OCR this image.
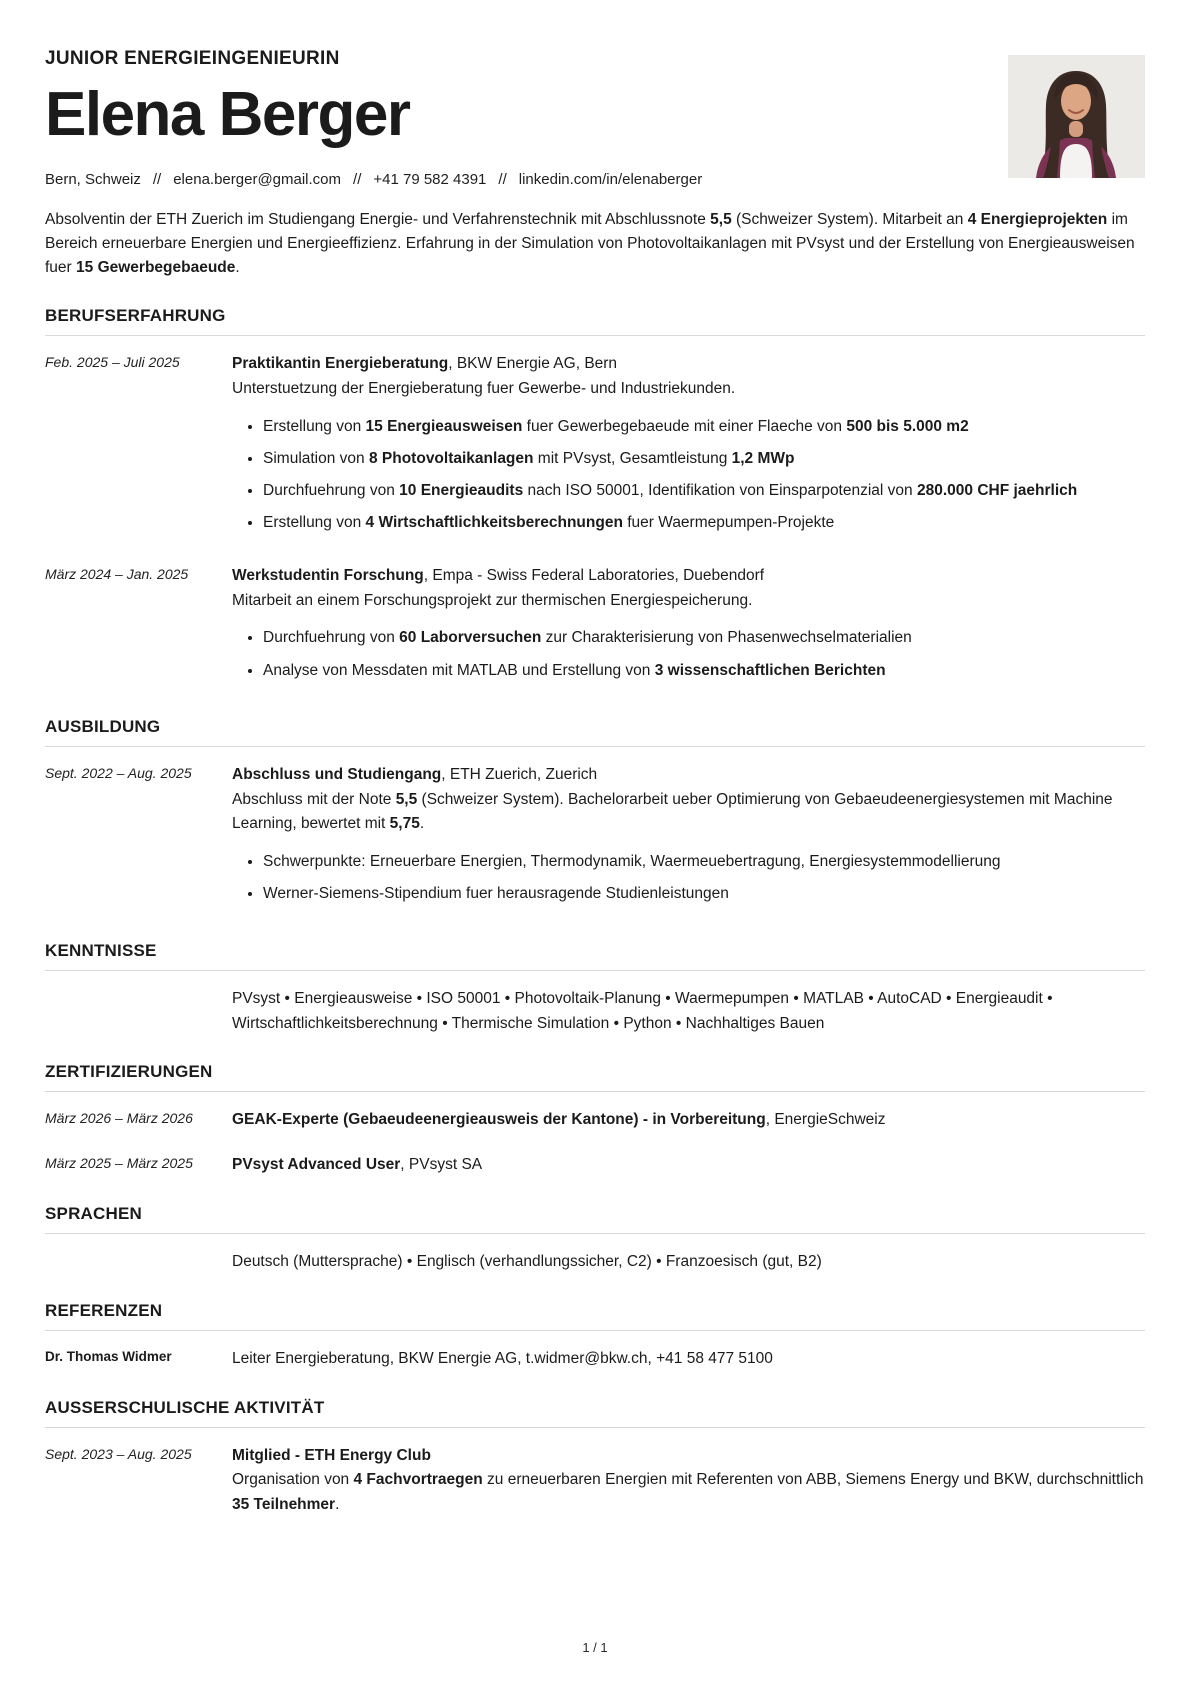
JUNIOR ENERGIEINGENIEURIN
Elena Berger
Bern, Schweiz // elena.berger@gmail.com // +41 79 582 4391 // linkedin.com/in/elenaberger

Absolventin der ETH Zuerich im Studiengang Energie- und Verfahrenstechnik mit Abschlussnote 5,5 (Schweizer System). Mitarbeit an 4 Energieprojekten im Bereich erneuerbare Energien und Energieeffizienz. Erfahrung in der Simulation von Photovoltaikanlagen mit PVsyst und der Erstellung von Energieausweisen fuer 15 Gewerbegebaeude.

BERUFSERFAHRUNG
Feb. 2025 – Juli 2025	Praktikantin Energieberatung, BKW Energie AG, Bern

Unterstuetzung der Energieberatung fuer Gewerbe- und Industriekunden.

• Erstellung von 15 Energieausweisen fuer Gewerbegebaeude mit einer Flaeche von 500 bis 5.000 m2
• Simulation von 8 Photovoltaikanlagen mit PVsyst, Gesamtleistung 1,2 MWp
• Durchfuehrung von 10 Energieaudits nach ISO 50001, Identifikation von Einsparpotenzial von 280.000 CHF jaehrlich
• Erstellung von 4 Wirtschaftlichkeitsberechnungen fuer Waermepumpen-Projekte
März 2024 – Jan. 2025	Werkstudentin Forschung, Empa - Swiss Federal Laboratories, Duebendorf

Mitarbeit an einem Forschungsprojekt zur thermischen Energiespeicherung.

• Durchfuehrung von 60 Laborversuchen zur Charakterisierung von Phasenwechselmaterialien
• Analyse von Messdaten mit MATLAB und Erstellung von 3 wissenschaftlichen Berichten
AUSBILDUNG
Sept. 2022 – Aug. 2025	Abschluss und Studiengang, ETH Zuerich, Zuerich

Abschluss mit der Note 5,5 (Schweizer System). Bachelorarbeit ueber Optimierung von Gebaeudeenergiesystemen mit Machine Learning, bewertet mit 5,75.

• Schwerpunkte: Erneuerbare Energien, Thermodynamik, Waermeuebertragung, Energiesystemmodellierung
• Werner-Siemens-Stipendium fuer herausragende Studienleistungen
KENNTNISSE

PVsyst • Energieausweise • ISO 50001 • Photovoltaik-Planung • Waermepumpen • MATLAB • AutoCAD • Energieaudit • Wirtschaftlichkeitsberechnung • Thermische Simulation • Python • Nachhaltiges Bauen

ZERTIFIZIERUNGEN
März 2026 – März 2026	GEAK-Experte (Gebaeudeenergieausweis der Kantone) - in Vorbereitung, EnergieSchweiz
März 2025 – März 2025	PVsyst Advanced User, PVsyst SA
SPRACHEN

Deutsch (Muttersprache) • Englisch (verhandlungssicher, C2) • Franzoesisch (gut, B2)

REFERENZEN
Dr. Thomas Widmer	Leiter Energieberatung, BKW Energie AG, t.widmer@bkw.ch, +41 58 477 5100

AUSSERSCHULISCHE AKTIVITÄT
Sept. 2023 – Aug. 2025	Mitglied - ETH Energy Club

Organisation von 4 Fachvortraegen zu erneuerbaren Energien mit Referenten von ABB, Siemens Energy und BKW, durchschnittlich 35 Teilnehmer.

1 / 1
